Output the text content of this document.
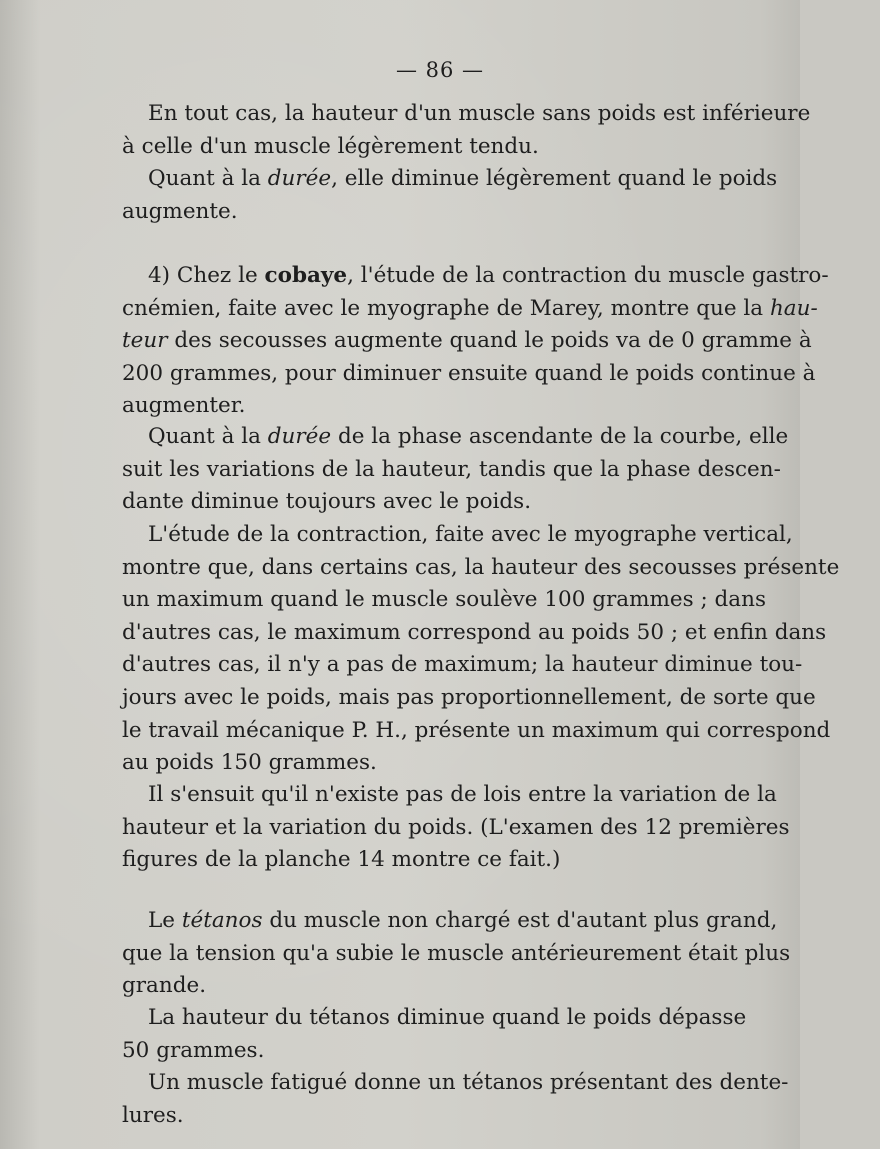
— 86 —

En tout cas, la hauteur d'un muscle sans poids est inférieure
à celle d'un muscle légèrement tendu.

Quant à la durée, elle diminue légèrement quand le poids
augmente.

4) Chez le cobaye, l'étude de la contraction du muscle gastro-
cnémien, faite avec le myographe de Marey, montre que la hau-
teur des secousses augmente quand le poids va de 0 gramme à
200 grammes, pour diminuer ensuite quand le poids continue à
augmenter.

Quant à la durée de la phase ascendante de la courbe, elle
suit les variations de la hauteur, tandis que la phase descen-
dante diminue toujours avec le poids.

L'étude de la contraction, faite avec le myographe vertical,
montre que, dans certains cas, la hauteur des secousses présente
un maximum quand le muscle soulève 100 grammes ; dans
d'autres cas, le maximum correspond au poids 50 ; et enfin dans
d'autres cas, il n'y a pas de maximum; la hauteur diminue tou-
jours avec le poids, mais pas proportionnellement, de sorte que
le travail mécanique P. H., présente un maximum qui correspond
au poids 150 grammes.

Il s'ensuit qu'il n'existe pas de lois entre la variation de la
hauteur et la variation du poids. (L'examen des 12 premières
figures de la planche 14 montre ce fait.)

Le tétanos du muscle non chargé est d'autant plus grand,
que la tension qu'a subie le muscle antérieurement était plus
grande.

La hauteur du tétanos diminue quand le poids dépasse
50 grammes.

Un muscle fatigué donne un tétanos présentant des dente-
lures.
